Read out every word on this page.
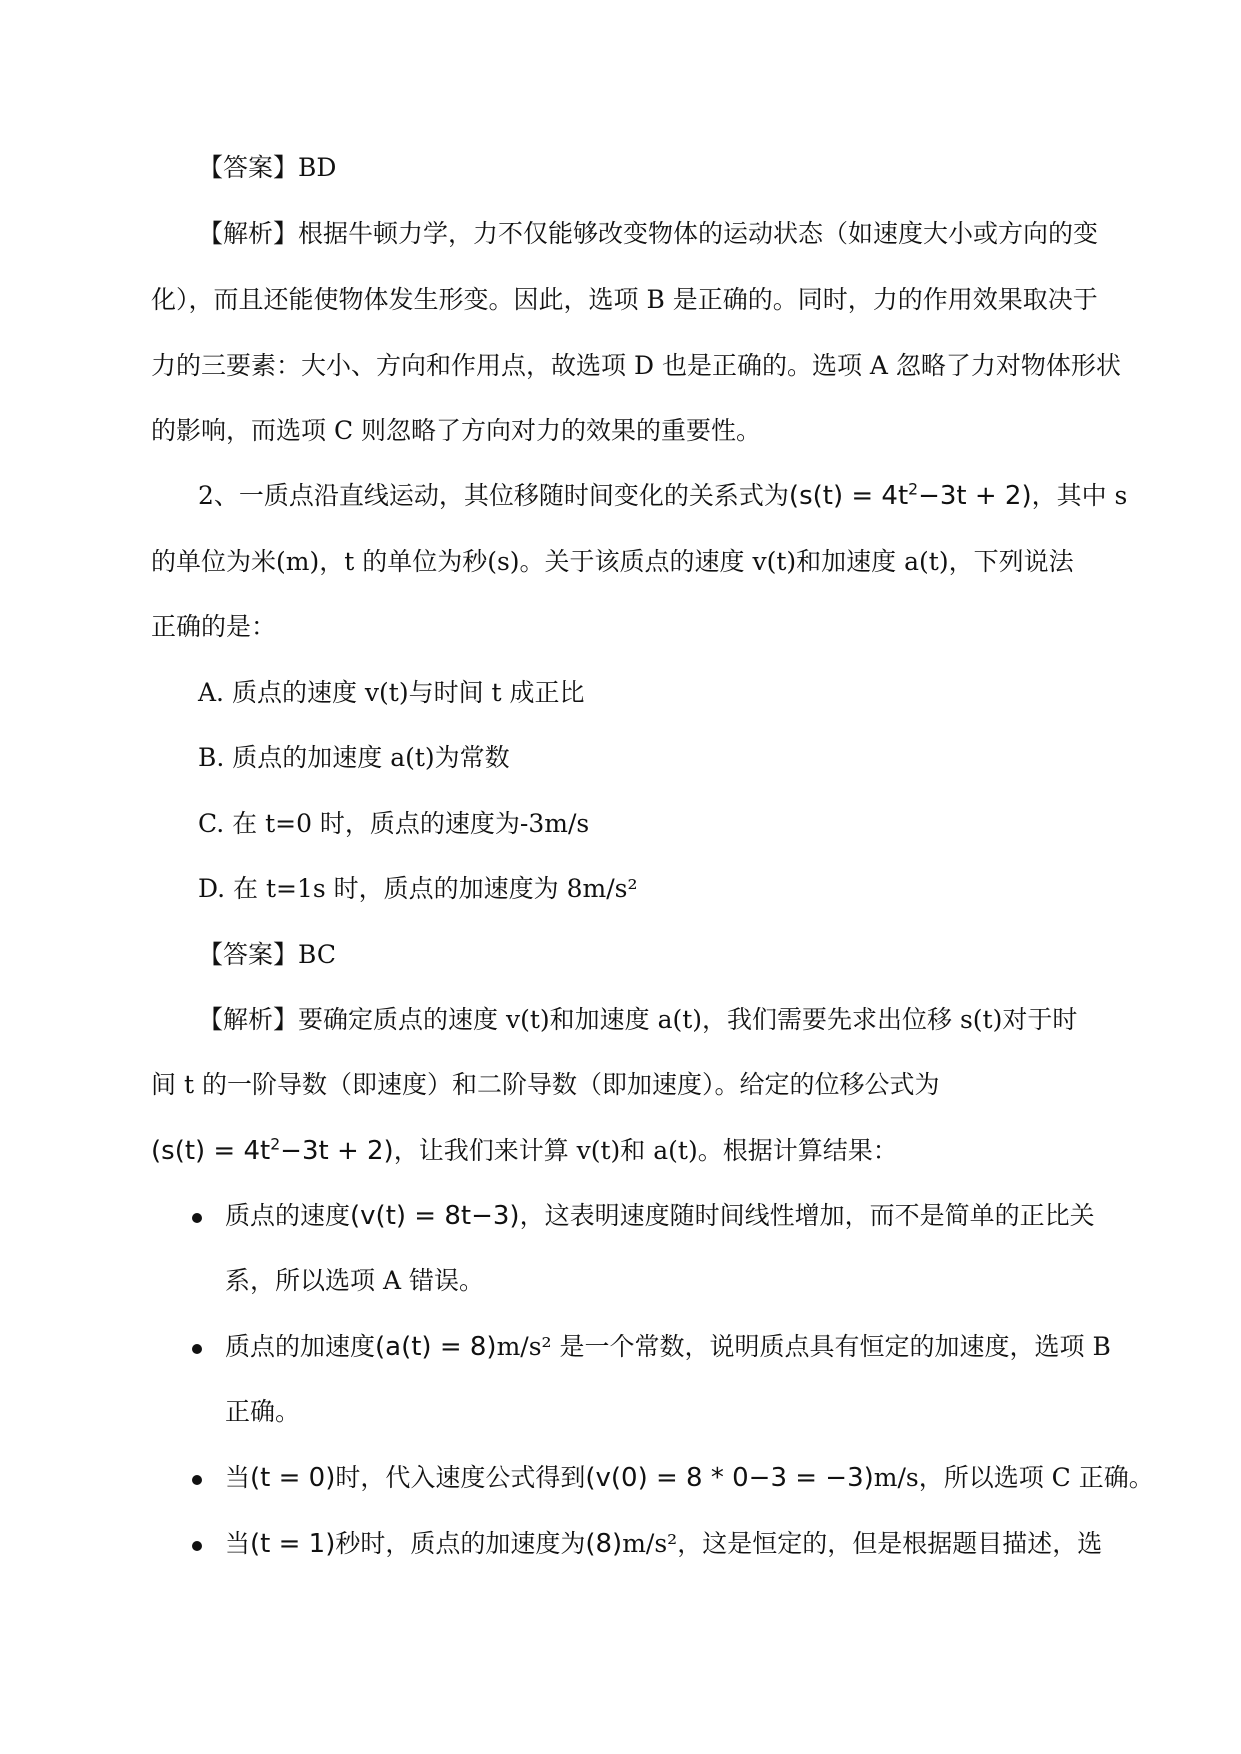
【答案】BD
【解析】根据牛顿力学，力不仅能够改变物体的运动状态（如速度大小或方向的变
化），而且还能使物体发生形变。因此，选项 B 是正确的。同时，力的作用效果取决于
力的三要素：大小、方向和作用点，故选项 D 也是正确的。选项 A 忽略了力对物体形状
的影响，而选项 C 则忽略了方向对力的效果的重要性。
2、一质点沿直线运动，其位移随时间变化的关系式为$(s(t) = 4t^2-3t + 2)$，其中 s
的单位为米(m)，t 的单位为秒(s)。关于该质点的速度 v(t)和加速度 a(t)，下列说法
正确的是：
A. 质点的速度 v(t)与时间 t 成正比
B. 质点的加速度 a(t)为常数
C. 在 t=0 时，质点的速度为-3m/s
D. 在 t=1s 时，质点的加速度为 8m/s²
【答案】BC
【解析】要确定质点的速度 v(t)和加速度 a(t)，我们需要先求出位移 s(t)对于时
间 t 的一阶导数（即速度）和二阶导数（即加速度）。给定的位移公式为
$(s(t) = 4t^2-3t + 2)$，让我们来计算 v(t)和 a(t)。根据计算结果：
质点的速度(v(t) = 8t−3)，这表明速度随时间线性增加，而不是简单的正比关
系，所以选项 A 错误。
质点的加速度(a(t) = 8)m/s² 是一个常数，说明质点具有恒定的加速度，选项 B
正确。
当(t = 0)时，代入速度公式得到(v(0) = 8 * 0−3 = −3)m/s，所以选项 C 正确。
当(t = 1)秒时，质点的加速度为(8)m/s²，这是恒定的，但是根据题目描述，选
